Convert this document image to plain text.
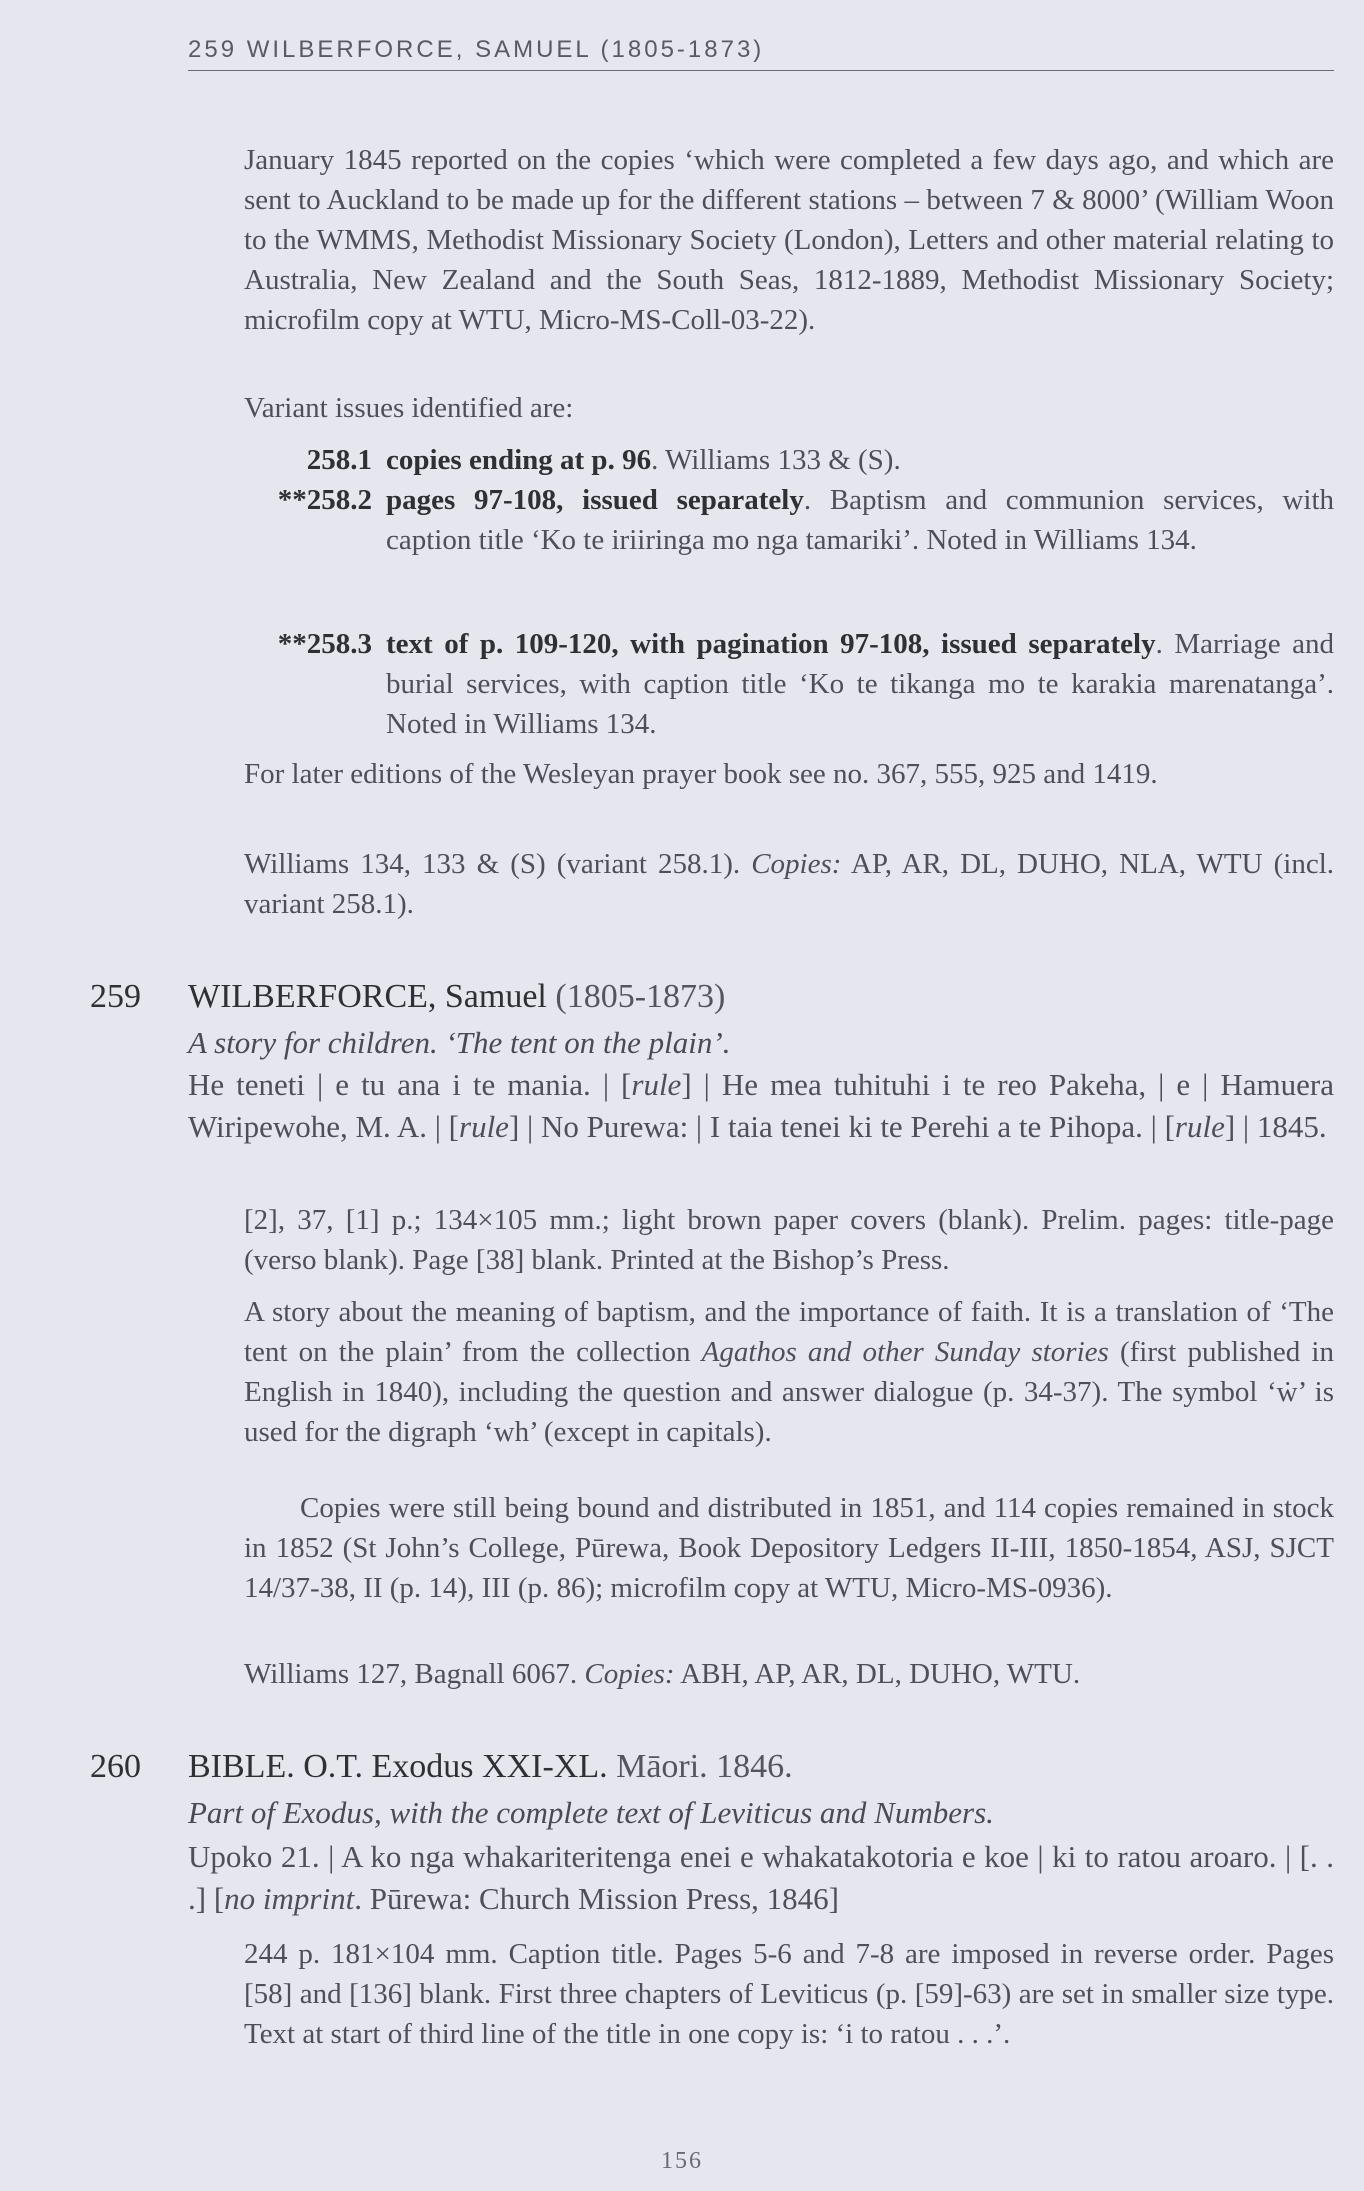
259 WILBERFORCE, SAMUEL (1805-1873)

January 1845 reported on the copies ‘which were completed a few days ago, and which are sent to Auckland to be made up for the different stations – between 7 & 8000’ (William Woon to the WMMS, Methodist Missionary Society (London), Letters and other material relating to Australia, New Zealand and the South Seas, 1812-1889, Methodist Missionary Society; microfilm copy at WTU, Micro-MS-Coll-03-22).

Variant issues identified are:

258.1 copies ending at p. 96. Williams 133 & (S).

**258.2 pages 97-108, issued separately. Baptism and communion services, with caption title ‘Ko te iriiringa mo nga tamariki’. Noted in Williams 134.

**258.3 text of p. 109-120, with pagination 97-108, issued separately. Marriage and burial services, with caption title ‘Ko te tikanga mo te karakia marenatanga’. Noted in Williams 134.

For later editions of the Wesleyan prayer book see no. 367, 555, 925 and 1419.

Williams 134, 133 & (S) (variant 258.1). Copies: AP, AR, DL, DUHO, NLA, WTU (incl. variant 258.1).

259 WILBERFORCE, Samuel (1805-1873)

A story for children. ‘The tent on the plain’.

He teneti | e tu ana i te mania. | [rule] | He mea tuhituhi i te reo Pakeha, | e | Hamuera Wiripewohe, M. A. | [rule] | No Purewa: | I taia tenei ki te Perehi a te Pihopa. | [rule] | 1845.

[2], 37, [1] p.; 134×105 mm.; light brown paper covers (blank). Prelim. pages: title-page (verso blank). Page [38] blank. Printed at the Bishop’s Press.

A story about the meaning of baptism, and the importance of faith. It is a translation of ‘The tent on the plain’ from the collection Agathos and other Sunday stories (first published in English in 1840), including the question and answer dialogue (p. 34-37). The symbol ‘ẇ’ is used for the digraph ‘wh’ (except in capitals).

Copies were still being bound and distributed in 1851, and 114 copies remained in stock in 1852 (St John’s College, Pūrewa, Book Depository Ledgers II-III, 1850-1854, ASJ, SJCT 14/37-38, II (p. 14), III (p. 86); microfilm copy at WTU, Micro-MS-0936).

Williams 127, Bagnall 6067. Copies: ABH, AP, AR, DL, DUHO, WTU.

260 BIBLE. O.T. Exodus XXI-XL. Māori. 1846.

Part of Exodus, with the complete text of Leviticus and Numbers.

Upoko 21. | A ko nga whakariteritenga enei e whakatakotoria e koe | ki to ratou aroaro. | [. . .] [no imprint. Pūrewa: Church Mission Press, 1846]

244 p. 181×104 mm. Caption title. Pages 5-6 and 7-8 are imposed in reverse order. Pages [58] and [136] blank. First three chapters of Leviticus (p. [59]-63) are set in smaller size type. Text at start of third line of the title in one copy is: ‘i to ratou . . .’.

156
